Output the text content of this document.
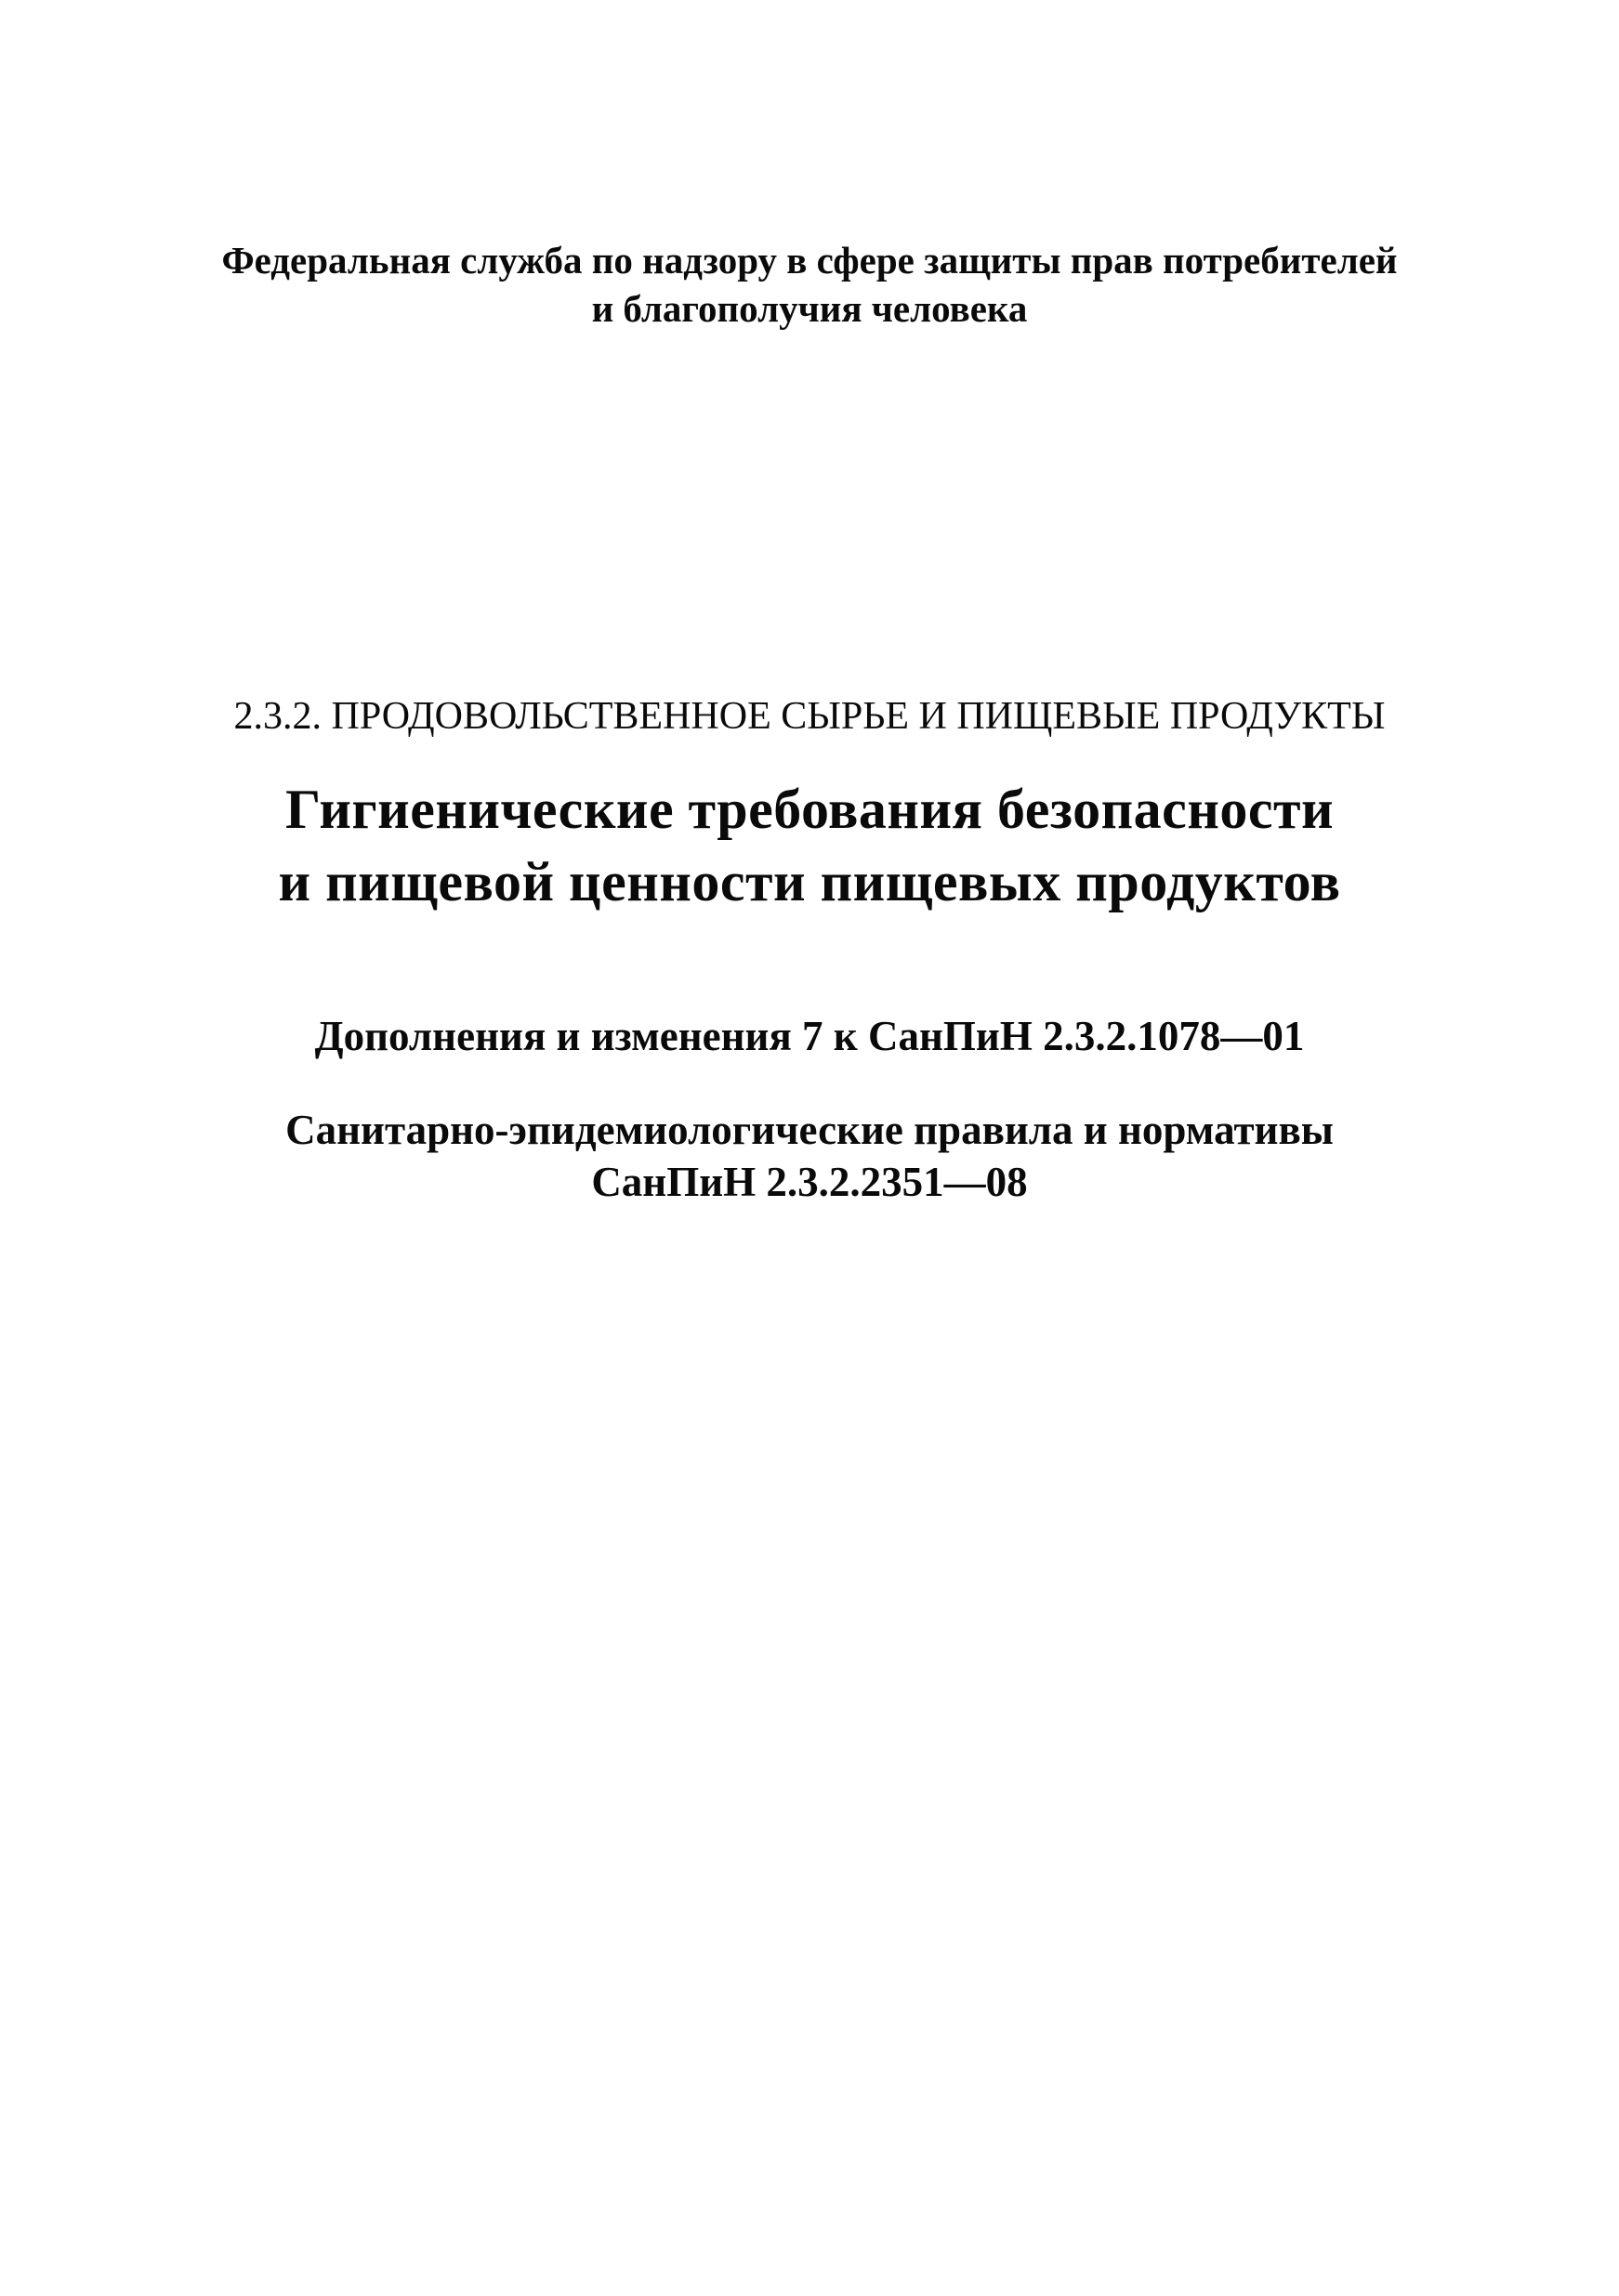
Федеральная служба по надзору в сфере защиты прав потребителей
и благополучия человека
2.3.2. ПРОДОВОЛЬСТВЕННОЕ СЫРЬЕ И ПИЩЕВЫЕ ПРОДУКТЫ
Гигиенические требования безопасности
и пищевой ценности пищевых продуктов
Дополнения и изменения 7 к СанПиН 2.3.2.1078—01
Санитарно-эпидемиологические правила и нормативы
СанПиН 2.3.2.2351—08
